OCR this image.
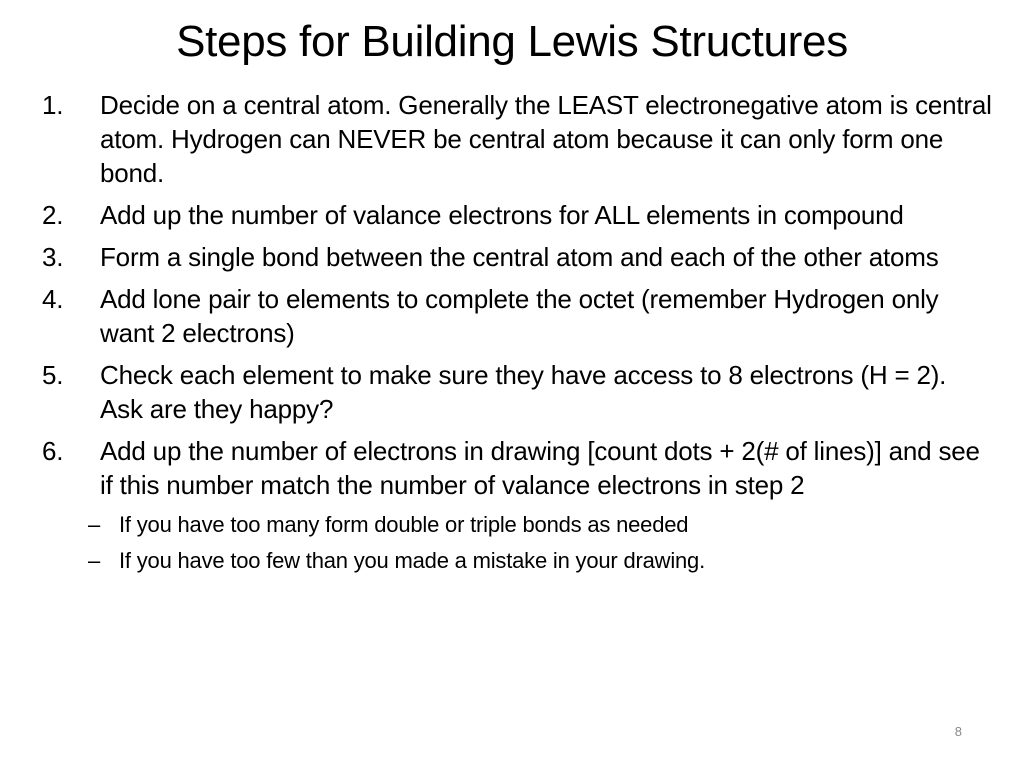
Steps for Building Lewis Structures
1. Decide on a central atom. Generally the LEAST electronegative atom is central atom. Hydrogen can NEVER be central atom because it can only form one bond.
2. Add up the number of valance electrons for ALL elements in compound
3. Form a single bond between the central atom and each of the other atoms
4. Add lone pair to elements to complete the octet (remember Hydrogen only want 2 electrons)
5. Check each element to make sure they have access to 8 electrons (H = 2). Ask are they happy?
6. Add up the number of electrons in drawing [count dots + 2(# of lines)] and see if this number match the number of valance electrons in step 2
– If you have too many form double or triple bonds as needed
– If you have too few than you made a mistake in your drawing.
8
